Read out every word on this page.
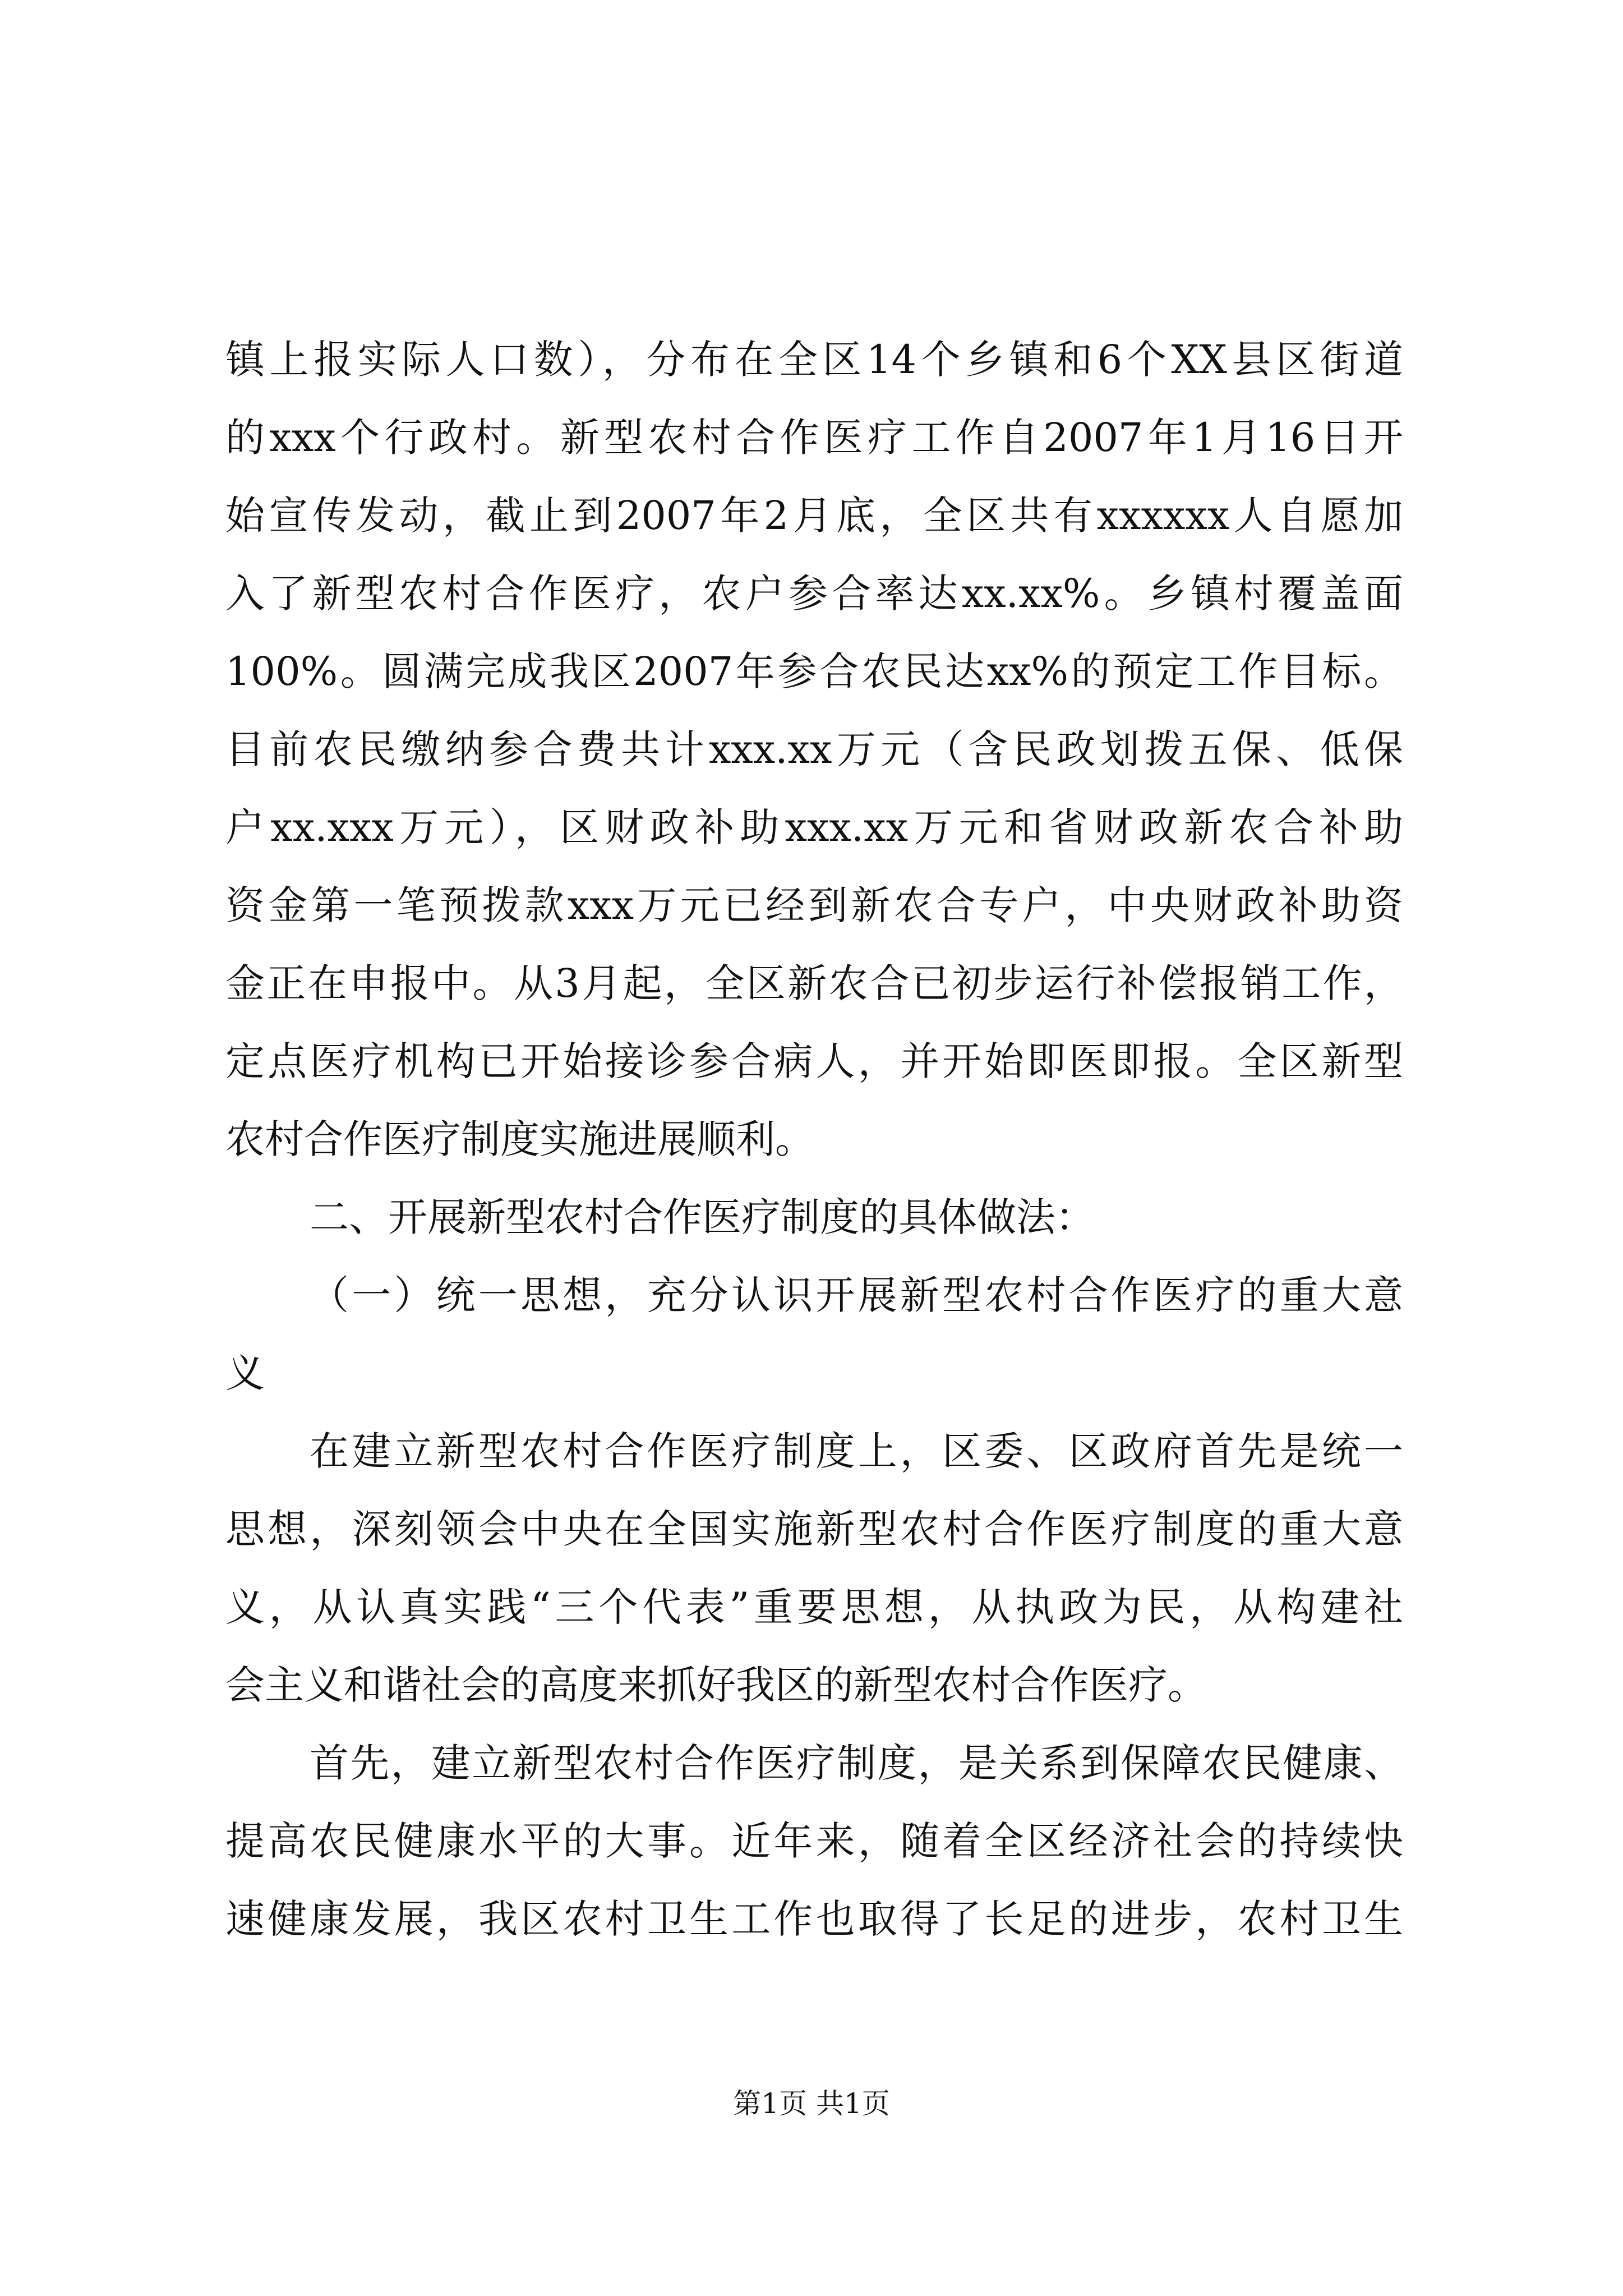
镇上报实际人口数），分布在全区14个乡镇和6个XX县区街道
的xxx个行政村。新型农村合作医疗工作自2007年1月16日开
始宣传发动，截止到2007年2月底，全区共有xxxxxx人自愿加
入了新型农村合作医疗，农户参合率达xx.xx%。乡镇村覆盖面
100%。圆满完成我区2007年参合农民达xx%的预定工作目标。
目前农民缴纳参合费共计xxx.xx万元（含民政划拨五保、低保
户xx.xxx万元），区财政补助xxx.xx万元和省财政新农合补助
资金第一笔预拨款xxx万元已经到新农合专户，中央财政补助资
金正在申报中。从3月起，全区新农合已初步运行补偿报销工作，
定点医疗机构已开始接诊参合病人，并开始即医即报。全区新型
农村合作医疗制度实施进展顺利。
二、开展新型农村合作医疗制度的具体做法：
（一）统一思想，充分认识开展新型农村合作医疗的重大意
义
在建立新型农村合作医疗制度上，区委、区政府首先是统一
思想，深刻领会中央在全国实施新型农村合作医疗制度的重大意
义，从认真实践“三个代表”重要思想，从执政为民，从构建社
会主义和谐社会的高度来抓好我区的新型农村合作医疗。
首先，建立新型农村合作医疗制度，是关系到保障农民健康、
提高农民健康水平的大事。近年来，随着全区经济社会的持续快
速健康发展，我区农村卫生工作也取得了长足的进步，农村卫生
第1页 共1页
